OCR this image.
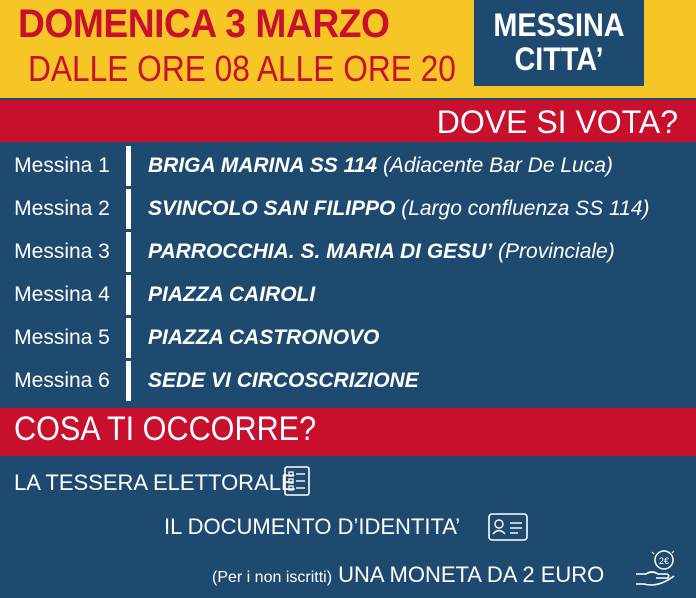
DOMENICA 3 MARZO
DALLE ORE 08 ALLE ORE 20
MESSINA
CITTA’
DOVE SI VOTA?
Messina 1	BRIGA MARINA SS 114 (Adiacente Bar De Luca)
Messina 2	SVINCOLO SAN FILIPPO (Largo confluenza SS 114)
Messina 3	PARROCCHIA. S. MARIA DI GESU’ (Provinciale)
Messina 4	PIAZZA CAIROLI
Messina 5	PIAZZA CASTRONOVO
Messina 6	SEDE VI CIRCOSCRIZIONE
COSA TI OCCORRE?
LA TESSERA ELETTORALE
IL DOCUMENTO D’IDENTITA’
(Per i non iscritti) UNA MONETA DA 2 EURO
2€
